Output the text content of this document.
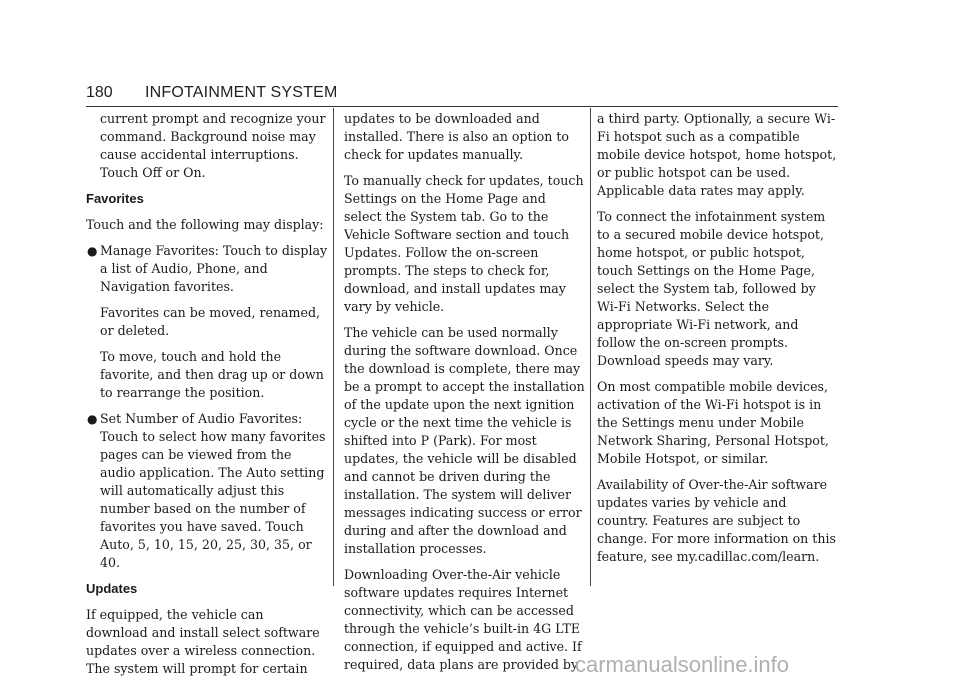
180 INFOTAINMENT SYSTEM

current prompt and recognize your command. Background noise may cause accidental interruptions. Touch Off or On.

Favorites

Touch and the following may display:

● Manage Favorites: Touch to display a list of Audio, Phone, and Navigation favorites.

Favorites can be moved, renamed, or deleted.

To move, touch and hold the favorite, and then drag up or down to rearrange the position.

● Set Number of Audio Favorites: Touch to select how many favorites pages can be viewed from the audio application. The Auto setting will automatically adjust this number based on the number of favorites you have saved. Touch Auto, 5, 10, 15, 20, 25, 30, 35, or 40.
Updates

If equipped, the vehicle can download and install select software updates over a wireless connection. The system will prompt for certain

updates to be downloaded and installed. There is also an option to check for updates manually.

To manually check for updates, touch Settings on the Home Page and select the System tab. Go to the Vehicle Software section and touch Updates. Follow the on-screen prompts. The steps to check for, download, and install updates may vary by vehicle.

The vehicle can be used normally during the software download. Once the download is complete, there may be a prompt to accept the installation of the update upon the next ignition cycle or the next time the vehicle is shifted into P (Park). For most updates, the vehicle will be disabled and cannot be driven during the installation. The system will deliver messages indicating success or error during and after the download and installation processes.

Downloading Over-the-Air vehicle software updates requires Internet connectivity, which can be accessed through the vehicle’s built-in 4G LTE connection, if equipped and active. If required, data plans are provided by

a third party. Optionally, a secure Wi-Fi hotspot such as a compatible mobile device hotspot, home hotspot, or public hotspot can be used. Applicable data rates may apply.

To connect the infotainment system to a secured mobile device hotspot, home hotspot, or public hotspot, touch Settings on the Home Page, select the System tab, followed by Wi-Fi Networks. Select the appropriate Wi-Fi network, and follow the on-screen prompts. Download speeds may vary.

On most compatible mobile devices, activation of the Wi-Fi hotspot is in the Settings menu under Mobile Network Sharing, Personal Hotspot, Mobile Hotspot, or similar.

Availability of Over-the-Air software updates varies by vehicle and country. Features are subject to change. For more information on this feature, see my.cadillac.com/learn.

carmanualsonline.info
